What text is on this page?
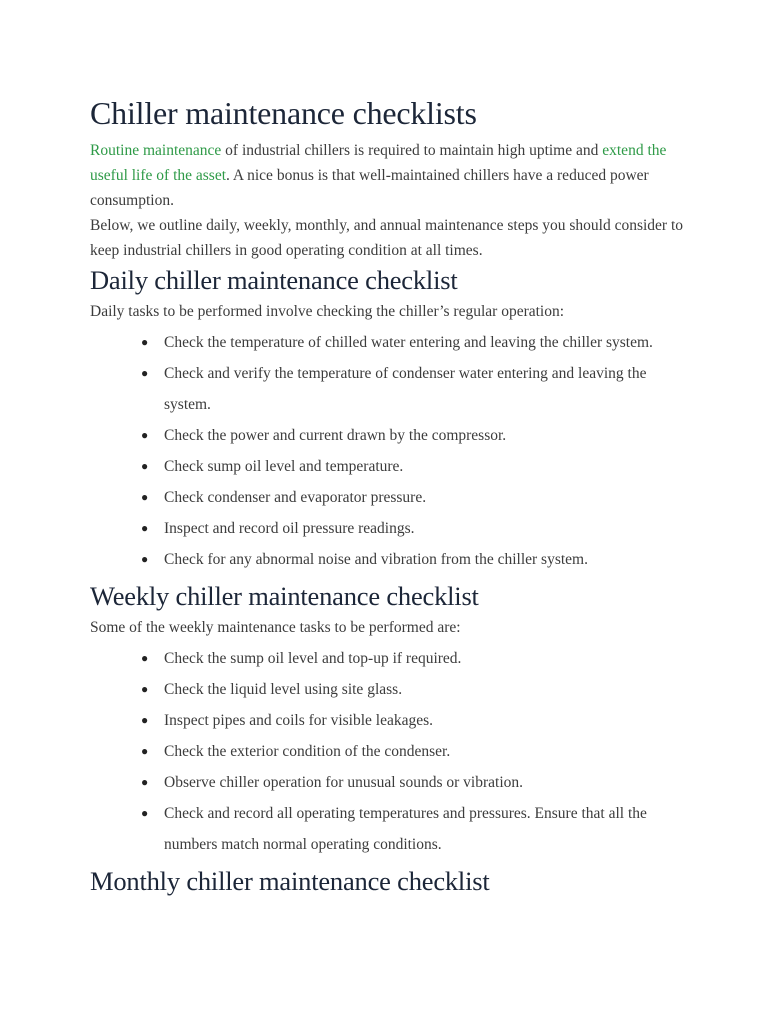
Chiller maintenance checklists

Routine maintenance of industrial chillers is required to maintain high uptime and extend the useful life of the asset. A nice bonus is that well-maintained chillers have a reduced power consumption.

Below, we outline daily, weekly, monthly, and annual maintenance steps you should consider to keep industrial chillers in good operating condition at all times.

Daily chiller maintenance checklist

Daily tasks to be performed involve checking the chiller’s regular operation:

● Check the temperature of chilled water entering and leaving the chiller system.
● Check and verify the temperature of condenser water entering and leaving the system.
● Check the power and current drawn by the compressor.
● Check sump oil level and temperature.
● Check condenser and evaporator pressure.
● Inspect and record oil pressure readings.
● Check for any abnormal noise and vibration from the chiller system.
Weekly chiller maintenance checklist

Some of the weekly maintenance tasks to be performed are:

● Check the sump oil level and top-up if required.
● Check the liquid level using site glass.
● Inspect pipes and coils for visible leakages.
● Check the exterior condition of the condenser.
● Observe chiller operation for unusual sounds or vibration.
● Check and record all operating temperatures and pressures. Ensure that all the numbers match normal operating conditions.
Monthly chiller maintenance checklist
